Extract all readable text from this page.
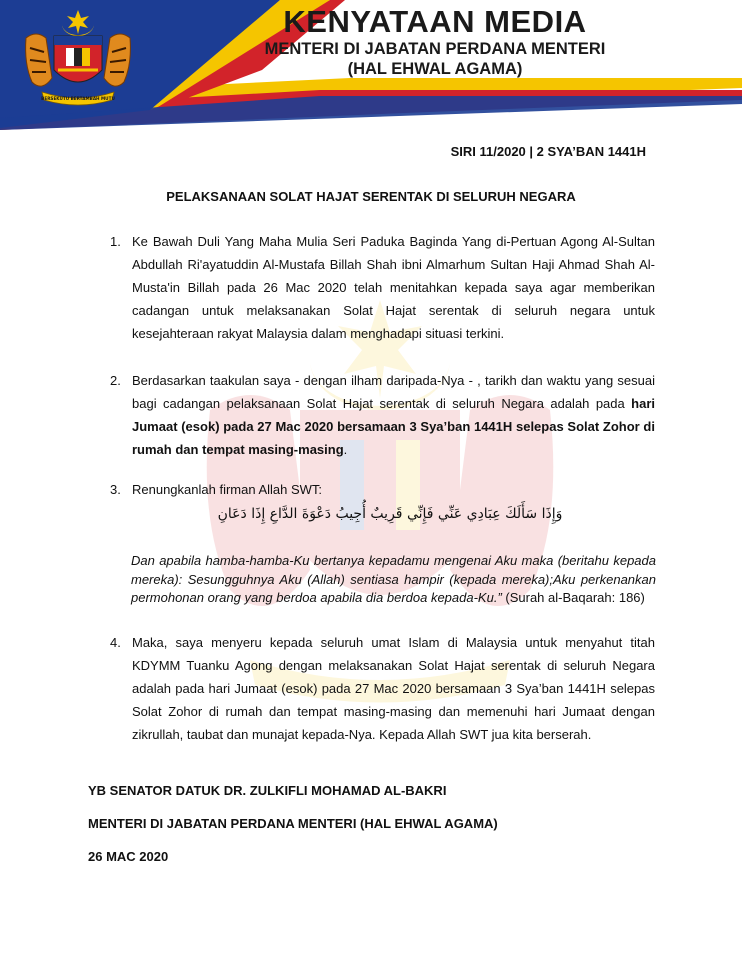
BERSEKUTU BERTAMBAH MUTU
KENYATAAN MEDIA
MENTERI DI JABATAN PERDANA MENTERI
(HAL EHWAL AGAMA)
SIRI 11/2020 | 2 SYA’BAN 1441H
PELAKSANAAN SOLAT HAJAT SERENTAK DI SELURUH NEGARA
1. Ke Bawah Duli Yang Maha Mulia Seri Paduka Baginda Yang di-Pertuan Agong Al-Sultan Abdullah Ri'ayatuddin Al-Mustafa Billah Shah ibni Almarhum Sultan Haji Ahmad Shah Al-Musta'in Billah pada 26 Mac 2020 telah menitahkan kepada saya agar memberikan cadangan untuk melaksanakan Solat Hajat serentak di seluruh negara untuk kesejahteraan rakyat Malaysia dalam menghadapi situasi terkini.
2. Berdasarkan taakulan saya - dengan ilham daripada-Nya - , tarikh dan waktu yang sesuai bagi cadangan pelaksanaan Solat Hajat serentak di seluruh Negara adalah pada hari Jumaat (esok) pada 27 Mac 2020 bersamaan 3 Sya’ban 1441H selepas Solat Zohor di rumah dan tempat masing-masing.
3. Renungkanlah firman Allah SWT:
وَإِذَا سَأَلَكَ عِبَادِي عَنِّي فَإِنِّي قَرِيبٌ أُجِيبُ دَعْوَةَ الدَّاعِ إِذَا دَعَانِ
Dan apabila hamba-hamba-Ku bertanya kepadamu mengenai Aku maka (beritahu kepada mereka): Sesungguhnya Aku (Allah) sentiasa hampir (kepada mereka);Aku perkenankan permohonan orang yang berdoa apabila dia berdoa kepada-Ku.” (Surah al-Baqarah: 186)
4. Maka, saya menyeru kepada seluruh umat Islam di Malaysia untuk menyahut titah KDYMM Tuanku Agong dengan melaksanakan Solat Hajat serentak di seluruh Negara adalah pada hari Jumaat (esok) pada 27 Mac 2020 bersamaan 3 Sya’ban 1441H selepas Solat Zohor di rumah dan tempat masing-masing dan memenuhi hari Jumaat dengan zikrullah, taubat dan munajat kepada-Nya. Kepada Allah SWT jua kita berserah.
YB SENATOR DATUK DR. ZULKIFLI MOHAMAD AL-BAKRI
MENTERI DI JABATAN PERDANA MENTERI (HAL EHWAL AGAMA)
26 MAC 2020
